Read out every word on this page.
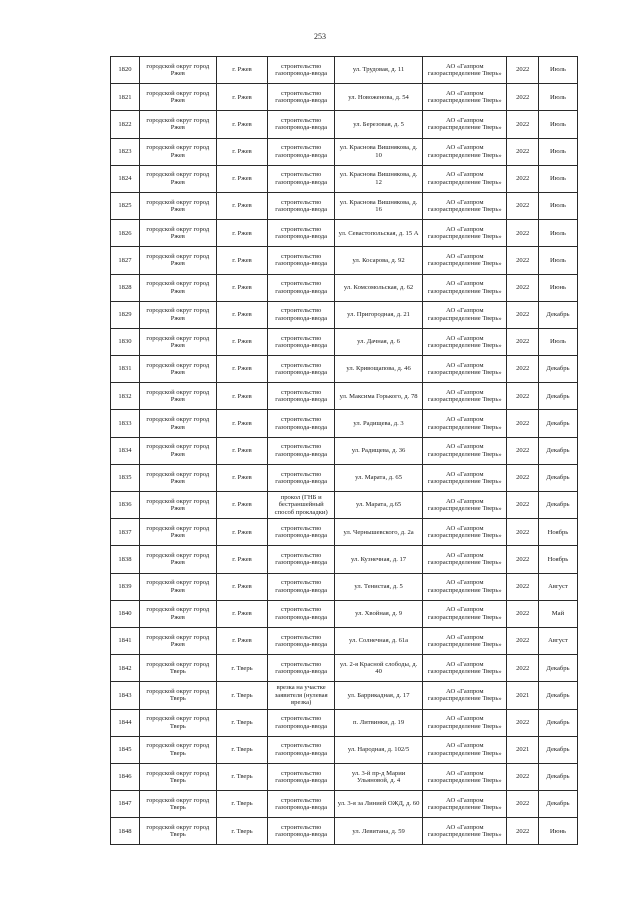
253
1820	городской округ город Ржев	г. Ржев	строительство газопровода-ввода	ул. Трудовая, д. 11	АО «Газпром газораспределение Тверь»	2022	Июль
1821	городской округ город Ржев	г. Ржев	строительство газопровода-ввода	ул. Новоженова, д. 54	АО «Газпром газораспределение Тверь»	2022	Июль
1822	городской округ город Ржев	г. Ржев	строительство газопровода-ввода	ул. Березовая, д. 5	АО «Газпром газораспределение Тверь»	2022	Июль
1823	городской округ город Ржев	г. Ржев	строительство газопровода-ввода	ул. Краснова Вишнякова, д. 10	АО «Газпром газораспределение Тверь»	2022	Июль
1824	городской округ город Ржев	г. Ржев	строительство газопровода-ввода	ул. Краснова Вишнякова, д. 12	АО «Газпром газораспределение Тверь»	2022	Июль
1825	городской округ город Ржев	г. Ржев	строительство газопровода-ввода	ул. Краснова Вишнякова, д. 16	АО «Газпром газораспределение Тверь»	2022	Июль
1826	городской округ город Ржев	г. Ржев	строительство газопровода-ввода	ул. Севастопольская, д. 15 А	АО «Газпром газораспределение Тверь»	2022	Июль
1827	городской округ город Ржев	г. Ржев	строительство газопровода-ввода	ул. Косарова, д. 92	АО «Газпром газораспределение Тверь»	2022	Июль
1828	городской округ город Ржев	г. Ржев	строительство газопровода-ввода	ул. Комсомольская, д. 62	АО «Газпром газораспределение Тверь»	2022	Июнь
1829	городской округ город Ржев	г. Ржев	строительство газопровода-ввода	ул. Пригородная, д. 21	АО «Газпром газораспределение Тверь»	2022	Декабрь
1830	городской округ город Ржев	г. Ржев	строительство газопровода-ввода	ул. Дачная, д. 6	АО «Газпром газораспределение Тверь»	2022	Июль
1831	городской округ город Ржев	г. Ржев	строительство газопровода-ввода	ул. Кривощапова, д. 46	АО «Газпром газораспределение Тверь»	2022	Декабрь
1832	городской округ город Ржев	г. Ржев	строительство газопровода-ввода	ул. Максима Горького, д. 78	АО «Газпром газораспределение Тверь»	2022	Декабрь
1833	городской округ город Ржев	г. Ржев	строительство газопровода-ввода	ул. Радищева, д. 3	АО «Газпром газораспределение Тверь»	2022	Декабрь
1834	городской округ город Ржев	г. Ржев	строительство газопровода-ввода	ул. Радищева, д. 36	АО «Газпром газораспределение Тверь»	2022	Декабрь
1835	городской округ город Ржев	г. Ржев	строительство газопровода-ввода	ул. Марата, д. 65	АО «Газпром газораспределение Тверь»	2022	Декабрь
1836	городской округ город Ржев	г. Ржев	прокол (ГНБ и бестраншейный способ прокладки)	ул. Марата, д.65	АО «Газпром газораспределение Тверь»	2022	Декабрь
1837	городской округ город Ржев	г. Ржев	строительство газопровода-ввода	ул. Чернышевского, д. 2а	АО «Газпром газораспределение Тверь»	2022	Ноябрь
1838	городской округ город Ржев	г. Ржев	строительство газопровода-ввода	ул. Кузнечная, д. 17	АО «Газпром газораспределение Тверь»	2022	Ноябрь
1839	городской округ город Ржев	г. Ржев	строительство газопровода-ввода	ул. Тенистая, д. 5	АО «Газпром газораспределение Тверь»	2022	Август
1840	городской округ город Ржев	г. Ржев	строительство газопровода-ввода	ул. Хвойная, д. 9	АО «Газпром газораспределение Тверь»	2022	Май
1841	городской округ город Ржев	г. Ржев	строительство газопровода-ввода	ул. Солнечная, д. 61а	АО «Газпром газораспределение Тверь»	2022	Август
1842	городской округ город Тверь	г. Тверь	строительство газопровода-ввода	ул. 2-я Красной слободы, д. 40	АО «Газпром газораспределение Тверь»	2022	Декабрь
1843	городской округ город Тверь	г. Тверь	врезка на участке заявителя (нулевая врезка)	ул. Баррикадная, д. 17	АО «Газпром газораспределение Тверь»	2021	Декабрь
1844	городской округ город Тверь	г. Тверь	строительство газопровода-ввода	п. Литвинки, д. 19	АО «Газпром газораспределение Тверь»	2022	Декабрь
1845	городской округ город Тверь	г. Тверь	строительство газопровода-ввода	ул. Народная, д. 102/5	АО «Газпром газораспределение Тверь»	2021	Декабрь
1846	городской округ город Тверь	г. Тверь	строительство газопровода-ввода	ул. 3-й пр-д Марии Ульяновой, д. 4	АО «Газпром газораспределение Тверь»	2022	Декабрь
1847	городской округ город Тверь	г. Тверь	строительство газопровода-ввода	ул. 3-я за Линией ОЖД, д. 60	АО «Газпром газораспределение Тверь»	2022	Декабрь
1848	городской округ город Тверь	г. Тверь	строительство газопровода-ввода	ул. Левитана, д. 59	АО «Газпром газораспределение Тверь»	2022	Июнь
